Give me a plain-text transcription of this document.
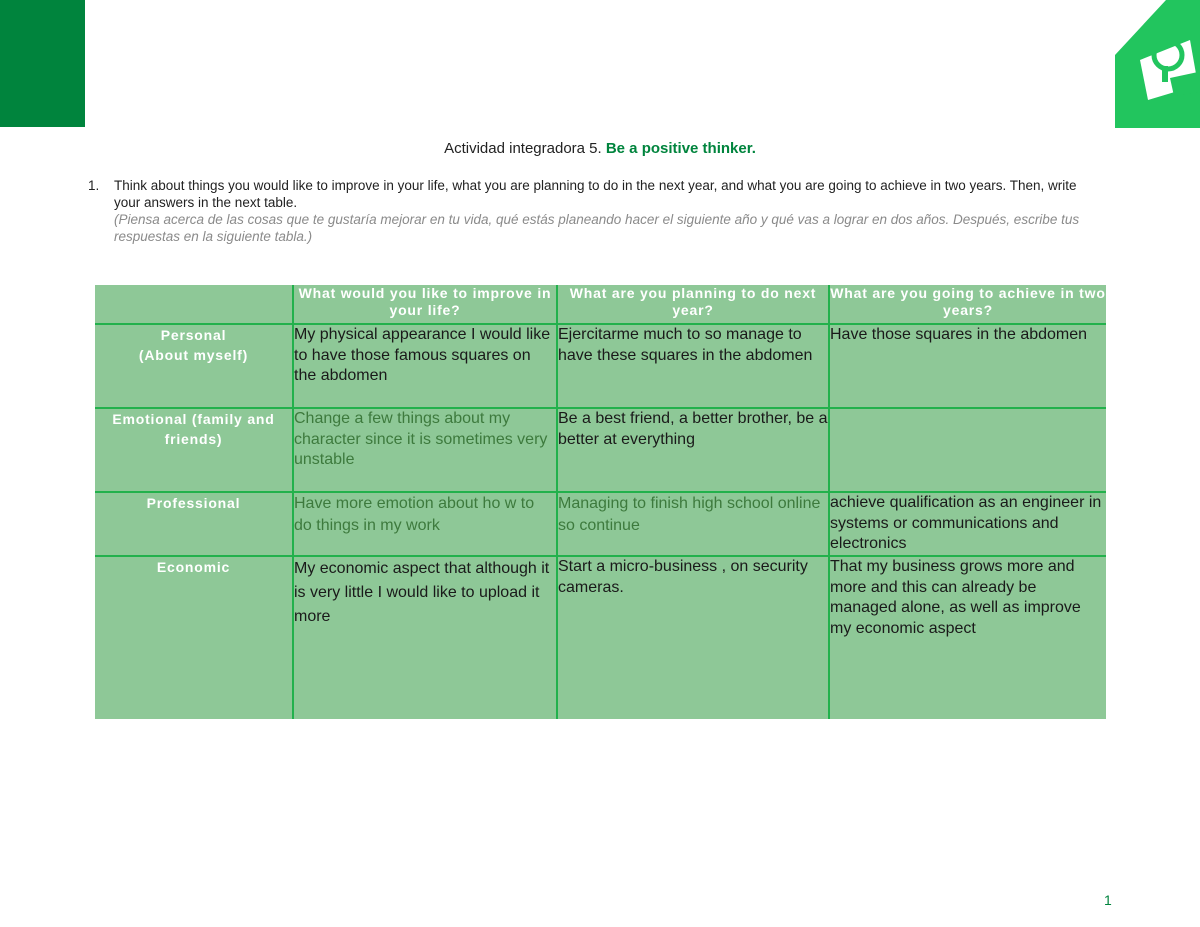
Actividad integradora 5. Be a positive thinker.
1. Think about things you would like to improve in your life, what you are planning to do in the next year, and what you are going to achieve in two years. Then, write your answers in the next table.
(Piensa acerca de las cosas que te gustaría mejorar en tu vida, qué estás planeando hacer el siguiente año y qué vas a lograr en dos años. Después, escribe tus respuestas en la siguiente tabla.)
	What would you like to improve in your life?	What are you planning to do next year?	What are you going to achieve in two years?

Personal (About myself)	My physical appearance I would like to have those famous squares on the abdomen	Ejercitarme much to so manage to have these squares in the abdomen	Have those squares in the abdomen

Emotional (family and friends)	Change a few things about my character since it is sometimes very unstable	Be a best friend, a better brother, be a better at everything	
Professional	Have more emotion about ho w to do things in my work	Managing to finish high school online so continue	achieve qualification as an engineer in systems or communications and electronics
Economic	My economic aspect that although it is very little I would like to upload it more	Start a micro-business , on security cameras.	That my business grows more and more and this can already be managed alone, as well as improve my economic aspect
1
